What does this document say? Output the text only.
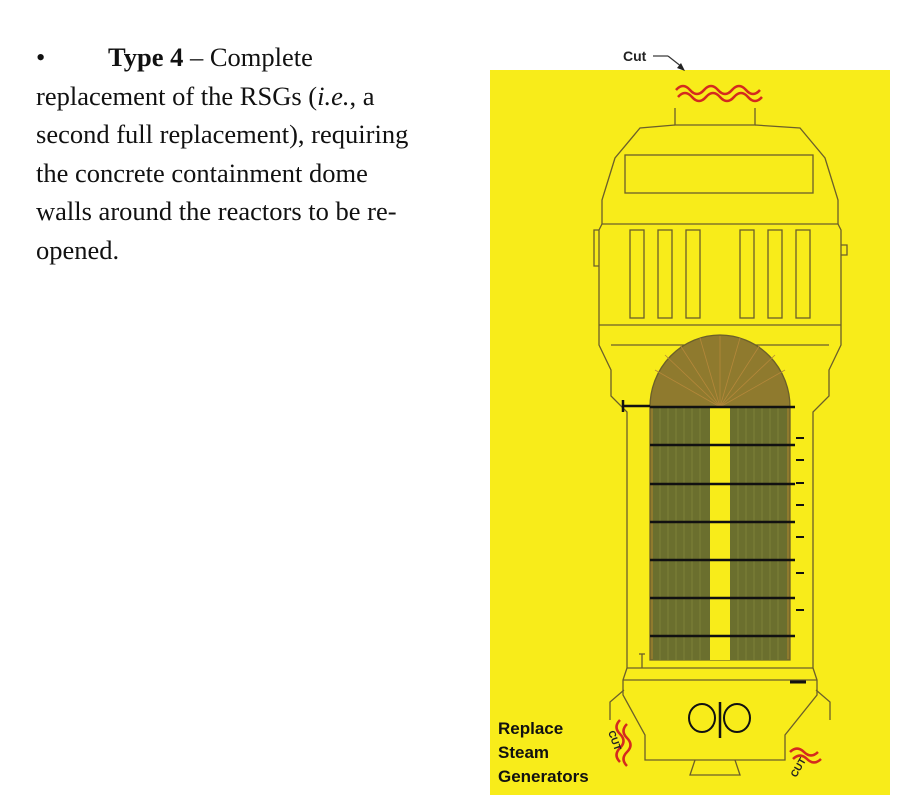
• Type 4 – Complete
replacement of the RSGs (i.e., a
second full replacement), requiring
the concrete containment dome
walls around the reactors to be re-
opened.
Cut
CUT
CUT
Replace
Steam
Generators
